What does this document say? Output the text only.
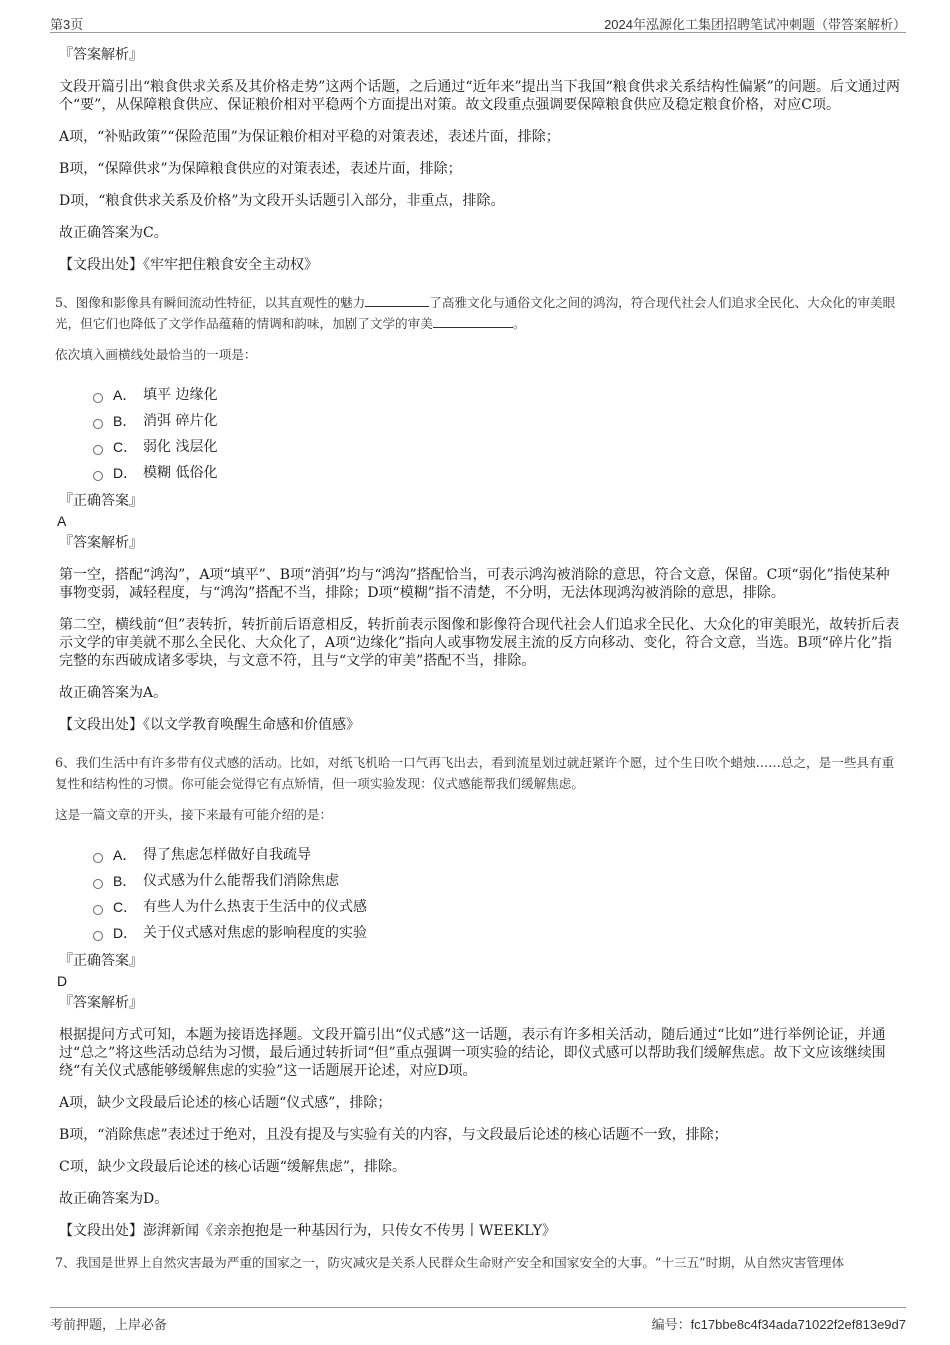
第3页	2024年泓源化工集团招聘笔试冲刺题（带答案解析）
『答案解析』
文段开篇引出“粮食供求关系及其价格走势”这两个话题，之后通过“近年来”提出当下我国“粮食供求关系结构性偏紧”的问题。后文通过两个“要”，从保障粮食供应、保证粮价相对平稳两个方面提出对策。故文段重点强调要保障粮食供应及稳定粮食价格，对应C项。
A项，“补贴政策”“保险范围”为保证粮价相对平稳的对策表述，表述片面，排除；
B项，“保障供求”为保障粮食供应的对策表述，表述片面，排除；
D项，“粮食供求关系及价格”为文段开头话题引入部分，非重点，排除。
故正确答案为C。
【文段出处】《牢牢把住粮食安全主动权》
5、图像和影像具有瞬间流动性特征，以其直观性的魅力	了高雅文化与通俗文化之间的鸿沟，符合现代社会人们追求全民化、大众化的审美眼光，但它们也降低了文学作品蕴藉的情调和韵味，加剧了文学的审美	。
依次填入画横线处最恰当的一项是：
A． 填平 边缘化
B． 消弭 碎片化
C． 弱化 浅层化
D． 模糊 低俗化
『正确答案』
A
『答案解析』
第一空，搭配“鸿沟”，A项“填平”、B项“消弭”均与“鸿沟”搭配恰当，可表示鸿沟被消除的意思，符合文意，保留。C项“弱化”指使某种事物变弱，减轻程度，与“鸿沟”搭配不当，排除；D项“模糊”指不清楚，不分明，无法体现鸿沟被消除的意思，排除。
第二空，横线前“但”表转折，转折前后语意相反，转折前表示图像和影像符合现代社会人们追求全民化、大众化的审美眼光，故转折后表示文学的审美就不那么全民化、大众化了，A项“边缘化”指向人或事物发展主流的反方向移动、变化，符合文意，当选。B项“碎片化”指完整的东西破成诸多零块，与文意不符，且与“文学的审美”搭配不当，排除。
故正确答案为A。
【文段出处】《以文学教育唤醒生命感和价值感》
6、我们生活中有许多带有仪式感的活动。比如，对纸飞机哈一口气再飞出去，看到流星划过就赶紧许个愿，过个生日吹个蜡烛……总之，是一些具有重复性和结构性的习惯。你可能会觉得它有点矫情，但一项实验发现：仪式感能帮我们缓解焦虑。
这是一篇文章的开头，接下来最有可能介绍的是：
A． 得了焦虑怎样做好自我疏导
B． 仪式感为什么能帮我们消除焦虑
C． 有些人为什么热衷于生活中的仪式感
D． 关于仪式感对焦虑的影响程度的实验
『正确答案』
D
『答案解析』
根据提问方式可知，本题为接语选择题。文段开篇引出“仪式感”这一话题，表示有许多相关活动，随后通过“比如”进行举例论证，并通过“总之”将这些活动总结为习惯，最后通过转折词“但”重点强调一项实验的结论，即仪式感可以帮助我们缓解焦虑。故下文应该继续围绕“有关仪式感能够缓解焦虑的实验”这一话题展开论述，对应D项。
A项，缺少文段最后论述的核心话题“仪式感”，排除；
B项，“消除焦虑”表述过于绝对，且没有提及与实验有关的内容，与文段最后论述的核心话题不一致，排除；
C项，缺少文段最后论述的核心话题“缓解焦虑”，排除。
故正确答案为D。
【文段出处】澎湃新闻《亲亲抱抱是一种基因行为，只传女不传男丨WEEKLY》
7、我国是世界上自然灾害最为严重的国家之一，防灾减灾是关系人民群众生命财产安全和国家安全的大事。“十三五”时期，从自然灾害管理体
考前押题，上岸必备	编号：fc17bbe8c4f34ada71022f2ef813e9d7
